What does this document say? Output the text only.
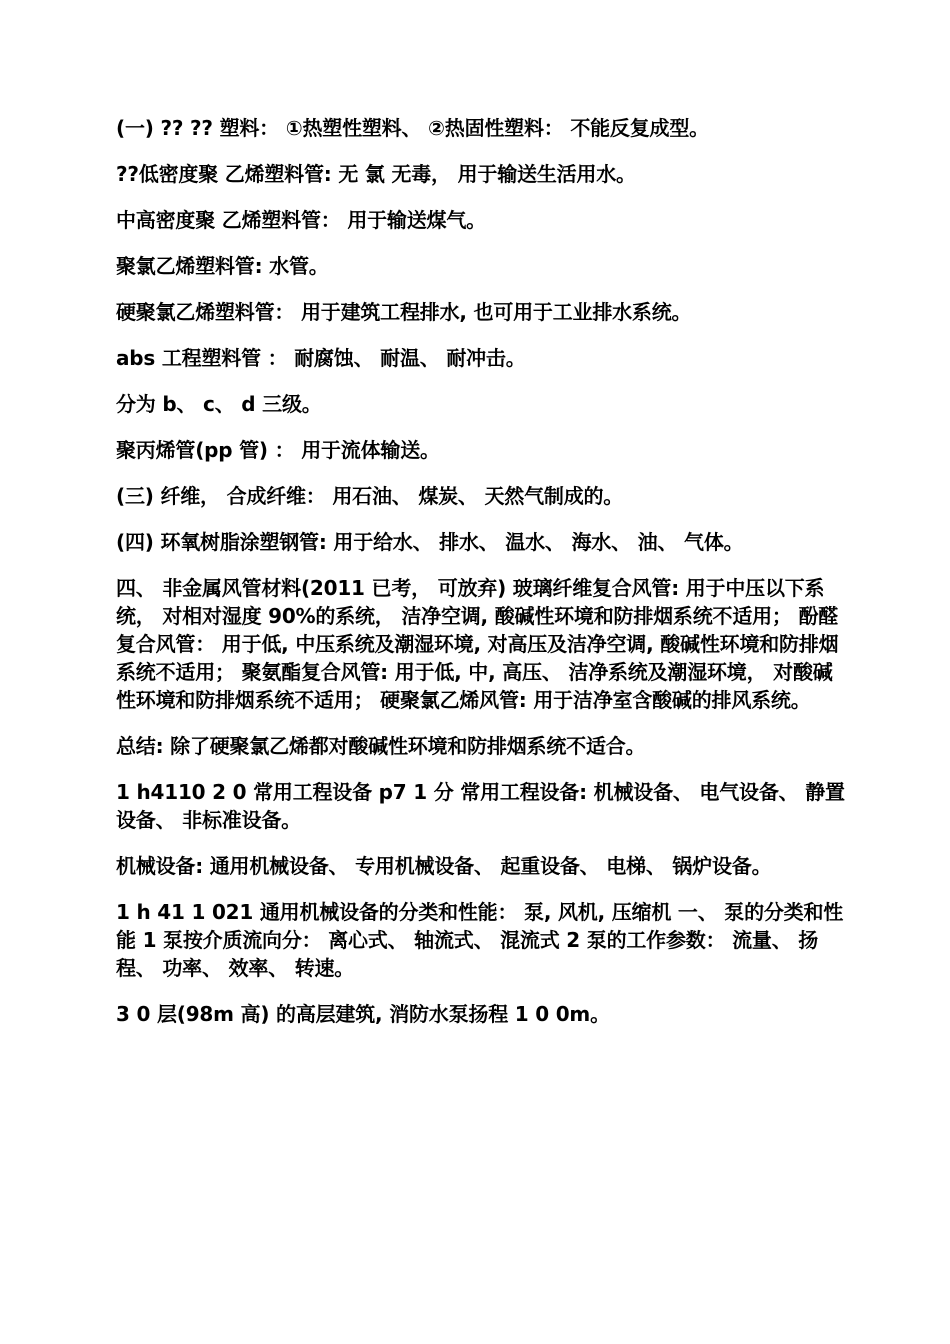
(一) ?? ?? 塑料： ①热塑性塑料、 ②热固性塑料： 不能反复成型。

??低密度聚 乙烯塑料管: 无 氯 无毒， 用于输送生活用水。

中高密度聚 乙烯塑料管： 用于输送煤气。

聚氯乙烯塑料管: 水管。

硬聚氯乙烯塑料管： 用于建筑工程排水, 也可用于工业排水系统。

abs 工程塑料管 ： 耐腐蚀、 耐温、 耐冲击。

分为 b、 c、 d 三级。

聚丙烯管(pp 管) ： 用于流体输送。

(三) 纤维， 合成纤维： 用石油、 煤炭、 天然气制成的。

(四) 环氧树脂涂塑钢管: 用于给水、 排水、 温水、 海水、 油、 气体。

四、 非金属风管材料(2011 已考， 可放弃) 玻璃纤维复合风管: 用于中压以下系统， 对相对湿度 90%的系统， 洁净空调, 酸碱性环境和防排烟系统不适用； 酚醛复合风管： 用于低, 中压系统及潮湿环境, 对高压及洁净空调, 酸碱性环境和防排烟系统不适用； 聚氨酯复合风管: 用于低, 中, 高压、 洁净系统及潮湿环境， 对酸碱性环境和防排烟系统不适用； 硬聚氯乙烯风管: 用于洁净室含酸碱的排风系统。

总结: 除了硬聚氯乙烯都对酸碱性环境和防排烟系统不适合。

1 h4110 2 0 常用工程设备 p7 1 分 常用工程设备: 机械设备、 电气设备、 静置设备、 非标准设备。

机械设备: 通用机械设备、 专用机械设备、 起重设备、 电梯、 锅炉设备。

1 h 41 1 021 通用机械设备的分类和性能： 泵, 风机, 压缩机 一、 泵的分类和性能 1 泵按介质流向分： 离心式、 轴流式、 混流式 2 泵的工作参数： 流量、 扬程、 功率、 效率、 转速。

3 0 层(98m 高) 的高层建筑, 消防水泵扬程 1 0 0m。
